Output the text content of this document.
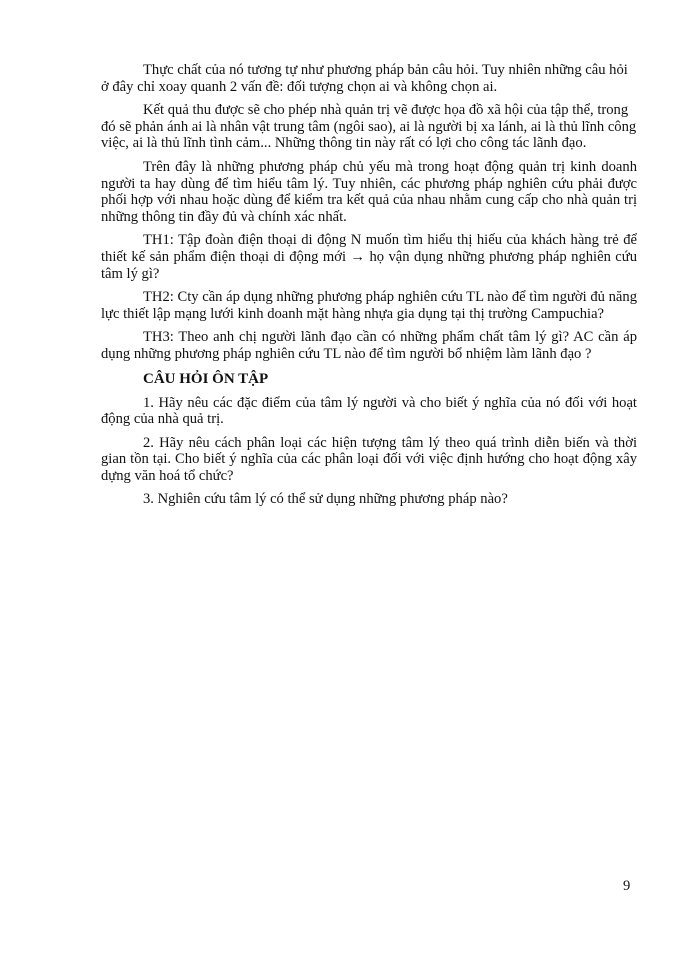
Thực chất của nó tương tự như phương pháp bản câu hỏi. Tuy nhiên những câu hỏi ở đây chỉ xoay quanh 2 vấn đề: đối tượng chọn ai và không chọn ai.

Kết quả thu được sẽ cho phép nhà quản trị vẽ được họa đồ xã hội của tập thể, trong đó sẽ phản ánh ai là nhân vật trung tâm (ngôi sao), ai là người bị xa lánh, ai là thủ lĩnh công việc, ai là thủ lĩnh tình cảm... Những thông tin này rất có lợi cho công tác lãnh đạo.

Trên đây là những phương pháp chủ yếu mà trong hoạt động quản trị kinh doanh người ta hay dùng để tìm hiểu tâm lý. Tuy nhiên, các phương pháp nghiên cứu phải được phối hợp với nhau hoặc dùng để kiểm tra kết quả của nhau nhằm cung cấp cho nhà quản trị những thông tin đầy đủ và chính xác nhất.

TH1: Tập đoàn điện thoại di động N muốn tìm hiểu thị hiếu của khách hàng trẻ để thiết kế sản phẩm điện thoại di động mới → họ vận dụng những phương pháp nghiên cứu tâm lý gì?

TH2: Cty cần áp dụng những phương pháp nghiên cứu TL nào để tìm người đủ năng lực thiết lập mạng lưới kinh doanh mặt hàng nhựa gia dụng tại thị trường Campuchia?

TH3: Theo anh chị người lãnh đạo cần có những phẩm chất tâm lý gì? AC cần áp dụng những phương pháp nghiên cứu TL nào để tìm người bổ nhiệm làm lãnh đạo ?

CÂU HỎI ÔN TẬP

1. Hãy nêu các đặc điểm của tâm lý người và cho biết ý nghĩa của nó đối với hoạt động của nhà quả trị.

2. Hãy nêu cách phân loại các hiện tượng tâm lý theo quá trình diễn biến và thời gian tồn tại. Cho biết ý nghĩa của các phân loại đối với việc định hướng cho hoạt động xây dựng văn hoá tổ chức?

3. Nghiên cứu tâm lý có thể sử dụng những phương pháp nào?

9
